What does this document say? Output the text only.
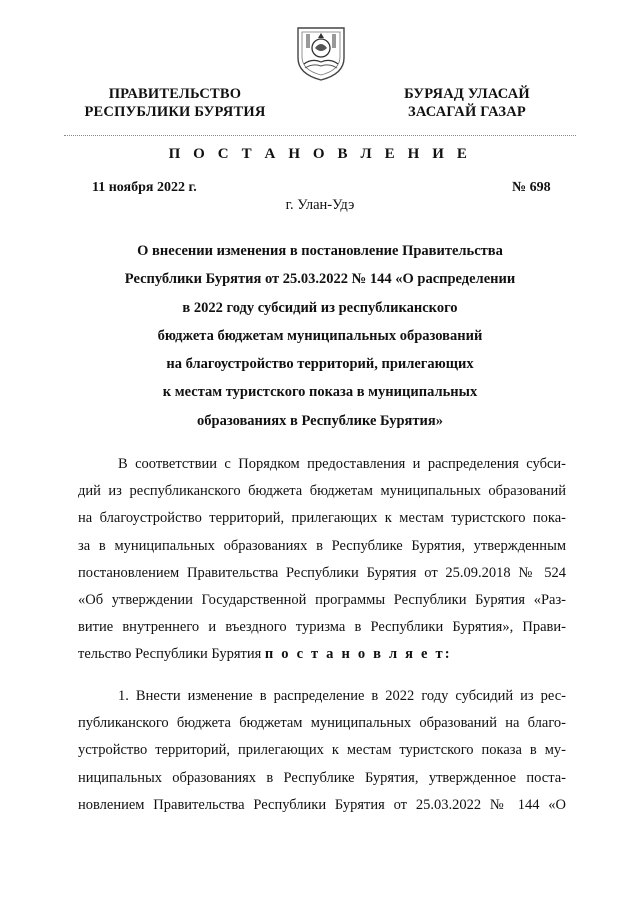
ПРАВИТЕЛЬСТВО
РЕСПУБЛИКИ БУРЯТИЯ
БУРЯАД УЛАСАЙ
ЗАСАГАЙ ГАЗАР
П О С Т А Н О В Л Е Н И Е
11 ноября 2022 г.	№ 698
г. Улан-Удэ
О внесении изменения в постановление Правительства
Республики Бурятия от 25.03.2022 № 144 «О распределении
в 2022 году субсидий из республиканского
бюджета бюджетам муниципальных образований
на благоустройство территорий, прилегающих
к местам туристского показа в муниципальных
образованиях в Республике Бурятия»
В соответствии с Порядком предоставления и распределения субси-
дий из республиканского бюджета бюджетам муниципальных образований
на благоустройство территорий, прилегающих к местам туристского пока-
за в муниципальных образованиях в Республике Бурятия, утвержденным
постановлением Правительства Республики Бурятия от 25.09.2018 № 524
«Об утверждении Государственной программы Республики Бурятия «Раз-
витие внутреннего и въездного туризма в Республики Бурятия», Прави-
тельство Республики Бурятия п о с т а н о в л я е т:
1. Внести изменение в распределение в 2022 году субсидий из рес-
публиканского бюджета бюджетам муниципальных образований на благо-
устройство территорий, прилегающих к местам туристского показа в му-
ниципальных образованиях в Республике Бурятия, утвержденное поста-
новлением Правительства Республики Бурятия от 25.03.2022 № 144 «О
